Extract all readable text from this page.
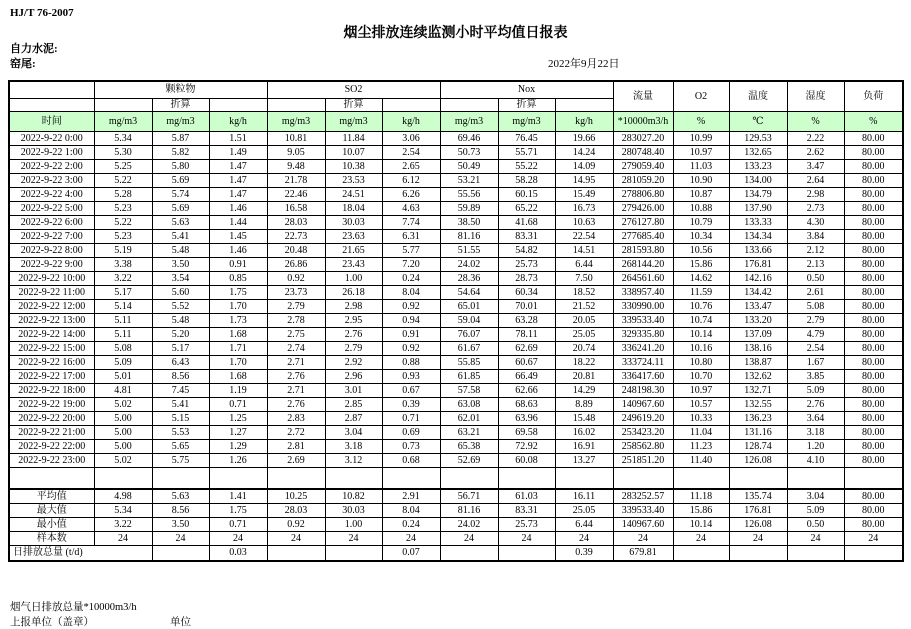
HJ/T 76-2007
烟尘排放连续监测小时平均值日报表
自力水泥:
窑尾:	2022年9月22日
	颗粒物			SO2			Nox			流量	O2	温度	湿度	负荷
		折算			折算			折算						
时间	mg/m3	mg/m3	kg/h	mg/m3	mg/m3	kg/h	mg/m3	mg/m3	kg/h	*10000m3/h	%	℃	%	%
2022-9-22 0:00	5.34	5.87	1.51	10.81	11.84	3.06	69.46	76.45	19.66	283027.20	10.99	129.53	2.22	80.00
2022-9-22 1:00	5.30	5.82	1.49	9.05	10.07	2.54	50.73	55.71	14.24	280748.40	10.97	132.65	2.62	80.00
2022-9-22 2:00	5.25	5.80	1.47	9.48	10.38	2.65	50.49	55.22	14.09	279059.40	11.03	133.23	3.47	80.00
2022-9-22 3:00	5.22	5.69	1.47	21.78	23.53	6.12	53.21	58.28	14.95	281059.20	10.90	134.00	2.64	80.00
2022-9-22 4:00	5.28	5.74	1.47	22.46	24.51	6.26	55.56	60.15	15.49	278806.80	10.87	134.79	2.98	80.00
2022-9-22 5:00	5.23	5.69	1.46	16.58	18.04	4.63	59.89	65.22	16.73	279426.00	10.88	137.90	2.73	80.00
2022-9-22 6:00	5.22	5.63	1.44	28.03	30.03	7.74	38.50	41.68	10.63	276127.80	10.79	133.33	4.30	80.00
2022-9-22 7:00	5.23	5.41	1.45	22.73	23.63	6.31	81.16	83.31	22.54	277685.40	10.34	134.34	3.84	80.00
2022-9-22 8:00	5.19	5.48	1.46	20.48	21.65	5.77	51.55	54.82	14.51	281593.80	10.56	133.66	2.12	80.00
2022-9-22 9:00	3.38	3.50	0.91	26.86	23.43	7.20	24.02	25.73	6.44	268144.20	15.86	176.81	2.13	80.00
2022-9-22 10:00	3.22	3.54	0.85	0.92	1.00	0.24	28.36	28.73	7.50	264561.60	14.62	142.16	0.50	80.00
2022-9-22 11:00	5.17	5.60	1.75	23.73	26.18	8.04	54.64	60.34	18.52	338957.40	11.59	134.42	2.61	80.00
2022-9-22 12:00	5.14	5.52	1.70	2.79	2.98	0.92	65.01	70.01	21.52	330990.00	10.76	133.47	5.08	80.00
2022-9-22 13:00	5.11	5.48	1.73	2.78	2.95	0.94	59.04	63.28	20.05	339533.40	10.74	133.20	2.79	80.00
2022-9-22 14:00	5.11	5.20	1.68	2.75	2.76	0.91	76.07	78.11	25.05	329335.80	10.14	137.09	4.79	80.00
2022-9-22 15:00	5.08	5.17	1.71	2.74	2.79	0.92	61.67	62.69	20.74	336241.20	10.16	138.16	2.54	80.00
2022-9-22 16:00	5.09	6.43	1.70	2.71	2.92	0.88	55.85	60.67	18.22	333724.11	10.80	138.87	1.67	80.00
2022-9-22 17:00	5.01	8.56	1.68	2.76	2.96	0.93	61.85	66.49	20.81	336417.60	10.70	132.62	3.85	80.00
2022-9-22 18:00	4.81	7.45	1.19	2.71	3.01	0.67	57.58	62.66	14.29	248198.30	10.97	132.71	5.09	80.00
2022-9-22 19:00	5.02	5.41	0.71	2.76	2.85	0.39	63.08	68.63	8.89	140967.60	10.57	132.55	2.76	80.00
2022-9-22 20:00	5.00	5.15	1.25	2.83	2.87	0.71	62.01	63.96	15.48	249619.20	10.33	136.23	3.64	80.00
2022-9-22 21:00	5.00	5.53	1.27	2.72	3.04	0.69	63.21	69.58	16.02	253423.20	11.04	131.16	3.18	80.00
2022-9-22 22:00	5.00	5.65	1.29	2.81	3.18	0.73	65.38	72.92	16.91	258562.80	11.23	128.74	1.20	80.00
2022-9-22 23:00	5.02	5.75	1.26	2.69	3.12	0.68	52.69	60.08	13.27	251851.20	11.40	126.08	4.10	80.00

平均值	4.98	5.63	1.41	10.25	10.82	2.91	56.71	61.03	16.11	283252.57	11.18	135.74	3.04	80.00
最大值	5.34	8.56	1.75	28.03	30.03	8.04	81.16	83.31	25.05	339533.40	15.86	176.81	5.09	80.00
最小值	3.22	3.50	0.71	0.92	1.00	0.24	24.02	25.73	6.44	140967.60	10.14	126.08	0.50	80.00
样本数	24	24	24	24	24	24	24	24	24	24	24	24	24	24
日排放总量 (t/d)			0.03			0.07			0.39	679.81				
烟气日排放总量*10000m3/h
上报单位（盖章）	单位
